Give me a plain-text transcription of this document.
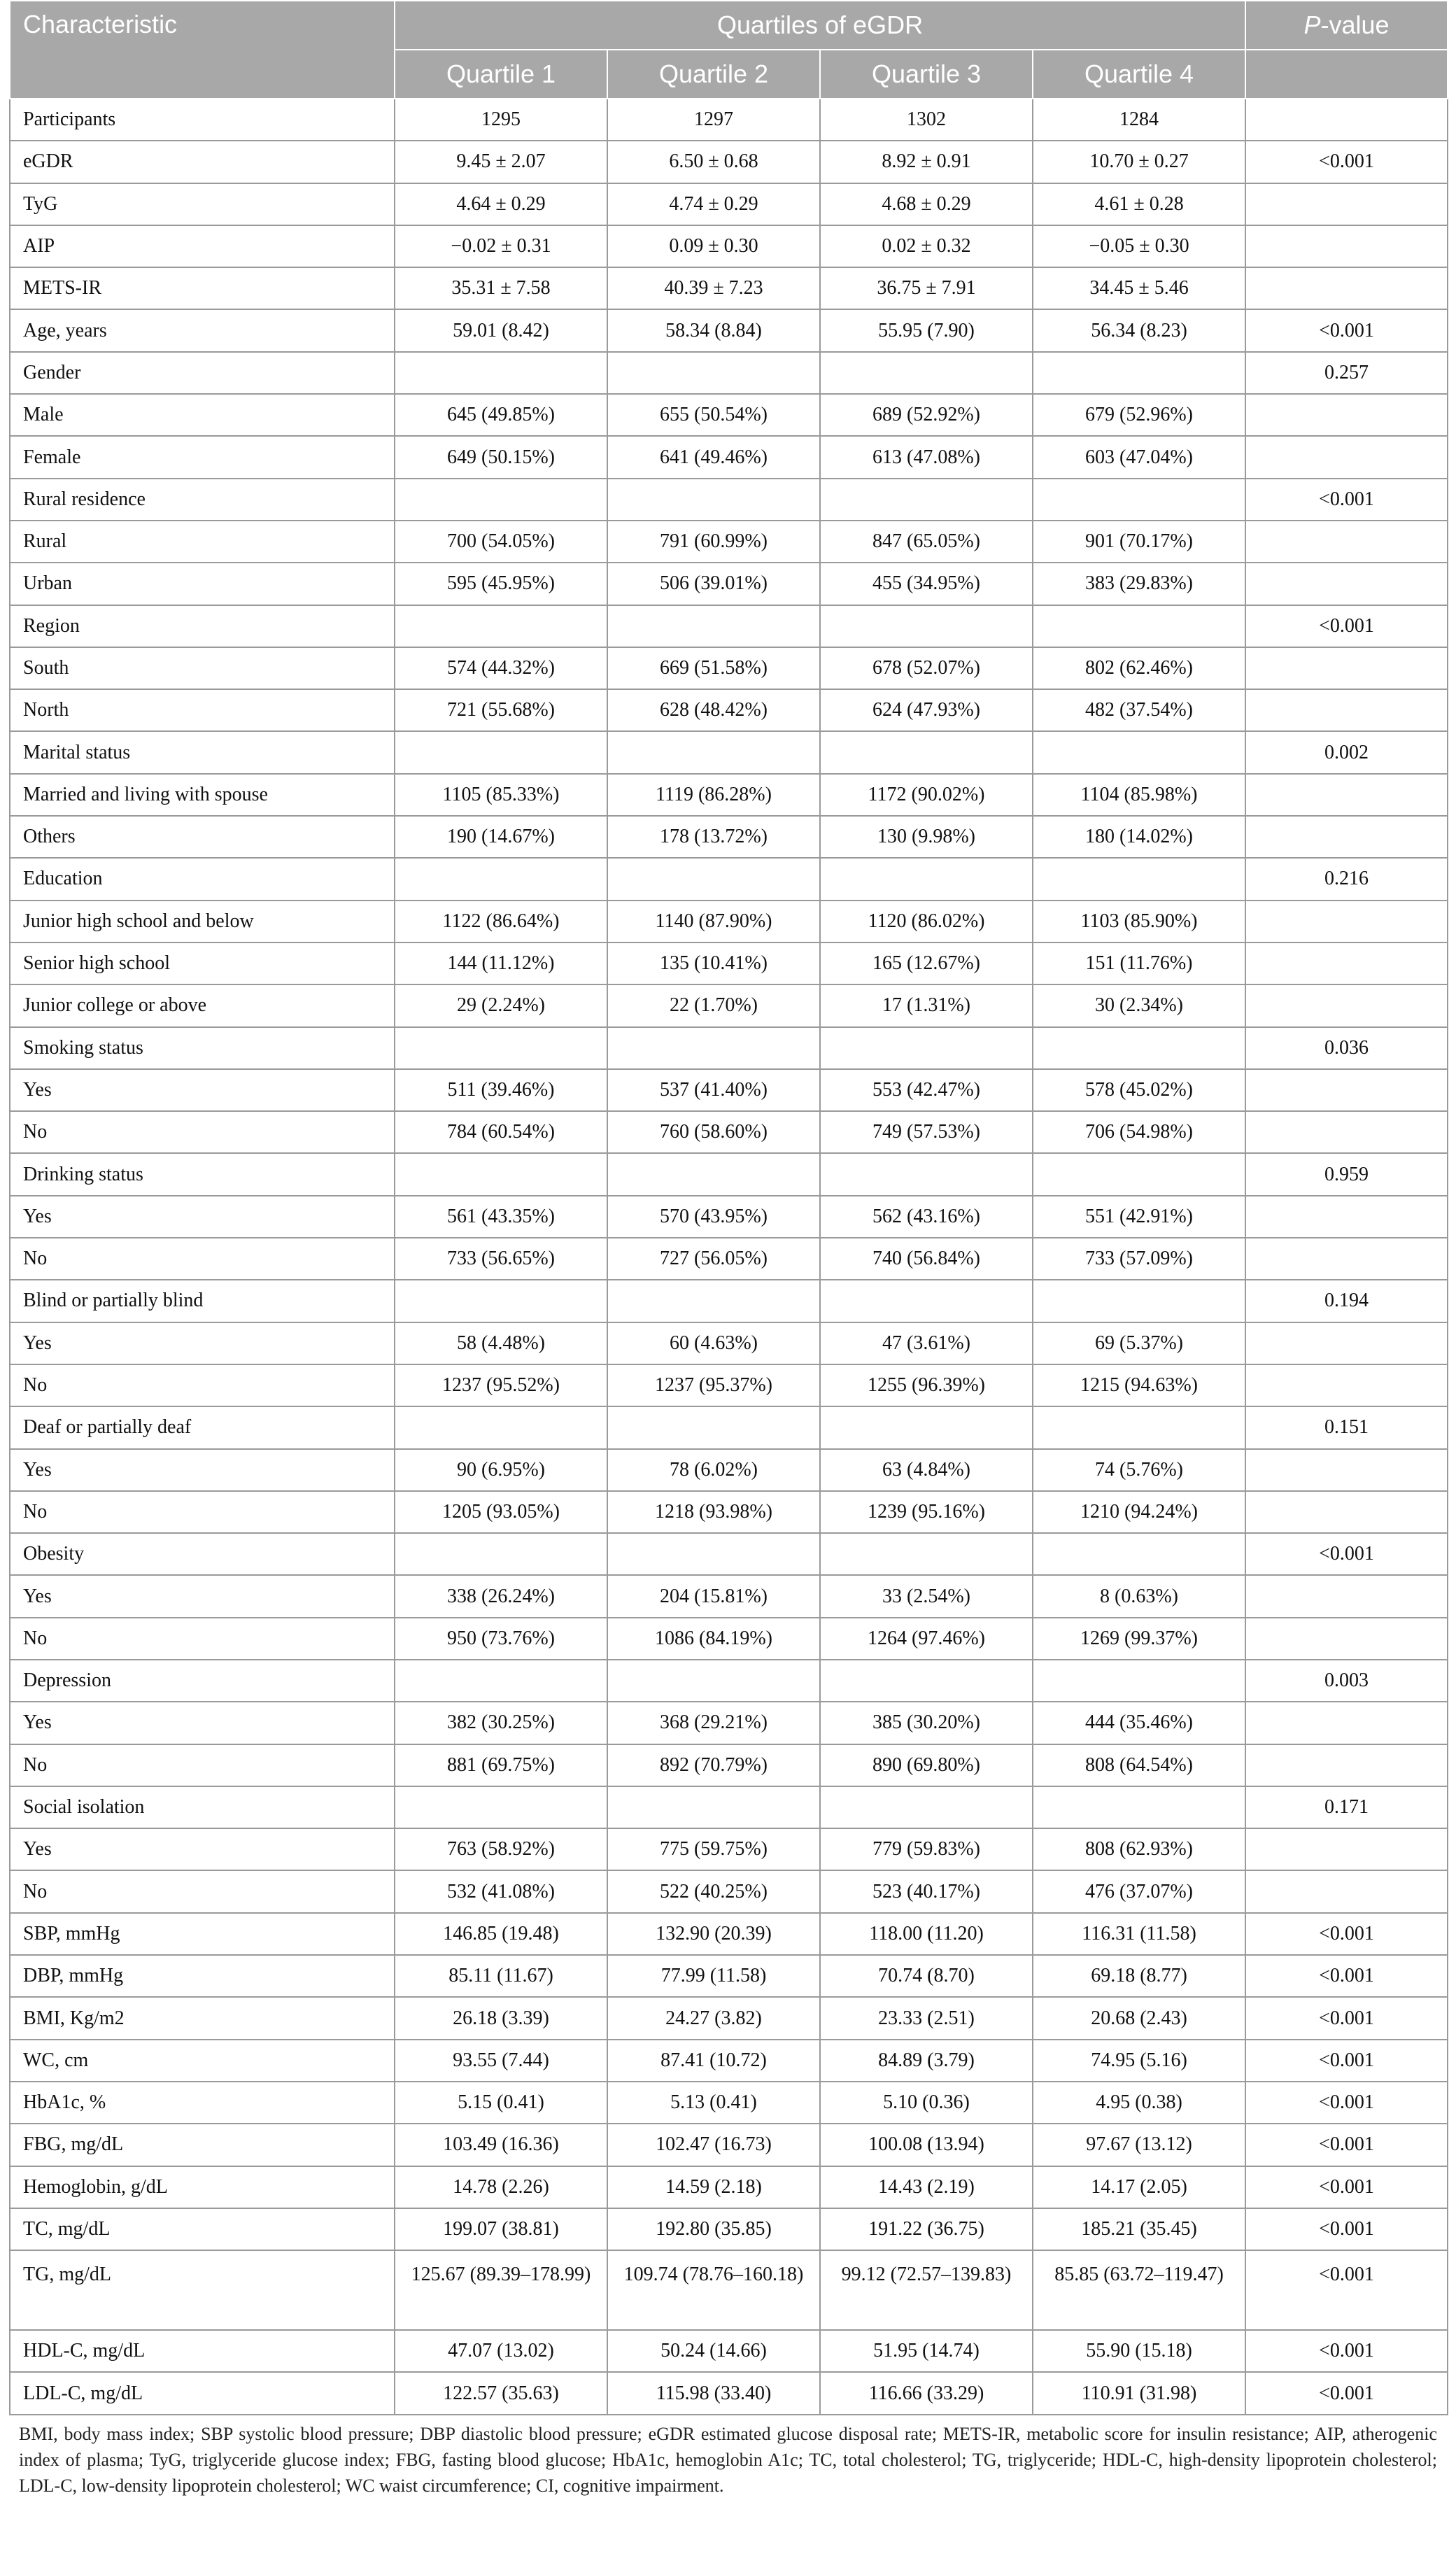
Characteristic	Quartiles of eGDR				P-value
	Quartile 1	Quartile 2	Quartile 3	Quartile 4	
Participants	1295	1297	1302	1284	
eGDR	9.45 ± 2.07	6.50 ± 0.68	8.92 ± 0.91	10.70 ± 0.27	<0.001
TyG	4.64 ± 0.29	4.74 ± 0.29	4.68 ± 0.29	4.61 ± 0.28	
AIP	−0.02 ± 0.31	0.09 ± 0.30	0.02 ± 0.32	−0.05 ± 0.30	
METS-IR	35.31 ± 7.58	40.39 ± 7.23	36.75 ± 7.91	34.45 ± 5.46	
Age, years	59.01 (8.42)	58.34 (8.84)	55.95 (7.90)	56.34 (8.23)	<0.001
Gender					0.257
Male	645 (49.85%)	655 (50.54%)	689 (52.92%)	679 (52.96%)	
Female	649 (50.15%)	641 (49.46%)	613 (47.08%)	603 (47.04%)	
Rural residence					<0.001
Rural	700 (54.05%)	791 (60.99%)	847 (65.05%)	901 (70.17%)	
Urban	595 (45.95%)	506 (39.01%)	455 (34.95%)	383 (29.83%)	
Region					<0.001
South	574 (44.32%)	669 (51.58%)	678 (52.07%)	802 (62.46%)	
North	721 (55.68%)	628 (48.42%)	624 (47.93%)	482 (37.54%)	
Marital status					0.002
Married and living with spouse	1105 (85.33%)	1119 (86.28%)	1172 (90.02%)	1104 (85.98%)	
Others	190 (14.67%)	178 (13.72%)	130 (9.98%)	180 (14.02%)	
Education					0.216
Junior high school and below	1122 (86.64%)	1140 (87.90%)	1120 (86.02%)	1103 (85.90%)	
Senior high school	144 (11.12%)	135 (10.41%)	165 (12.67%)	151 (11.76%)	
Junior college or above	29 (2.24%)	22 (1.70%)	17 (1.31%)	30 (2.34%)	
Smoking status					0.036
Yes	511 (39.46%)	537 (41.40%)	553 (42.47%)	578 (45.02%)	
No	784 (60.54%)	760 (58.60%)	749 (57.53%)	706 (54.98%)	
Drinking status					0.959
Yes	561 (43.35%)	570 (43.95%)	562 (43.16%)	551 (42.91%)	
No	733 (56.65%)	727 (56.05%)	740 (56.84%)	733 (57.09%)	
Blind or partially blind					0.194
Yes	58 (4.48%)	60 (4.63%)	47 (3.61%)	69 (5.37%)	
No	1237 (95.52%)	1237 (95.37%)	1255 (96.39%)	1215 (94.63%)	
Deaf or partially deaf					0.151
Yes	90 (6.95%)	78 (6.02%)	63 (4.84%)	74 (5.76%)	
No	1205 (93.05%)	1218 (93.98%)	1239 (95.16%)	1210 (94.24%)	
Obesity					<0.001
Yes	338 (26.24%)	204 (15.81%)	33 (2.54%)	8 (0.63%)	
No	950 (73.76%)	1086 (84.19%)	1264 (97.46%)	1269 (99.37%)	
Depression					0.003
Yes	382 (30.25%)	368 (29.21%)	385 (30.20%)	444 (35.46%)	
No	881 (69.75%)	892 (70.79%)	890 (69.80%)	808 (64.54%)	
Social isolation					0.171
Yes	763 (58.92%)	775 (59.75%)	779 (59.83%)	808 (62.93%)	
No	532 (41.08%)	522 (40.25%)	523 (40.17%)	476 (37.07%)	
SBP, mmHg	146.85 (19.48)	132.90 (20.39)	118.00 (11.20)	116.31 (11.58)	<0.001
DBP, mmHg	85.11 (11.67)	77.99 (11.58)	70.74 (8.70)	69.18 (8.77)	<0.001
BMI, Kg/m2	26.18 (3.39)	24.27 (3.82)	23.33 (2.51)	20.68 (2.43)	<0.001
WC, cm	93.55 (7.44)	87.41 (10.72)	84.89 (3.79)	74.95 (5.16)	<0.001
HbA1c, %	5.15 (0.41)	5.13 (0.41)	5.10 (0.36)	4.95 (0.38)	<0.001
FBG, mg/dL	103.49 (16.36)	102.47 (16.73)	100.08 (13.94)	97.67 (13.12)	<0.001
Hemoglobin, g/dL	14.78 (2.26)	14.59 (2.18)	14.43 (2.19)	14.17 (2.05)	<0.001
TC, mg/dL	199.07 (38.81)	192.80 (35.85)	191.22 (36.75)	185.21 (35.45)	<0.001
TG, mg/dL	125.67 (89.39–178.99)	109.74 (78.76–160.18)	99.12 (72.57–139.83)	85.85 (63.72–119.47)	<0.001
HDL-C, mg/dL	47.07 (13.02)	50.24 (14.66)	51.95 (14.74)	55.90 (15.18)	<0.001
LDL-C, mg/dL	122.57 (35.63)	115.98 (33.40)	116.66 (33.29)	110.91 (31.98)	<0.001
BMI, body mass index; SBP systolic blood pressure; DBP diastolic blood pressure; eGDR estimated glucose disposal rate; METS-IR, metabolic score for insulin resistance; AIP, atherogenic index of plasma; TyG, triglyceride glucose index; FBG, fasting blood glucose; HbA1c, hemoglobin A1c; TC, total cholesterol; TG, triglyceride; HDL-C, high-density lipoprotein cholesterol; LDL-C, low-density lipoprotein cholesterol; WC waist circumference; CI, cognitive impairment.
